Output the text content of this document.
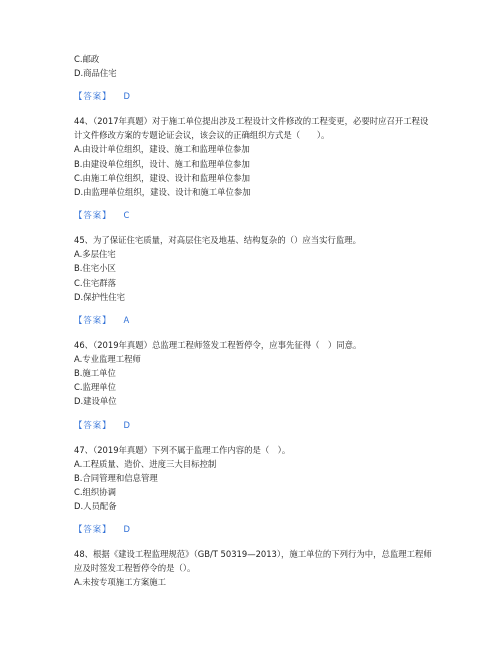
C.邮政

D.商品住宅

【答案】 D

44、（2017年真题）对于施工单位提出涉及工程设计文件修改的工程变更，必要时应召开工程设计文件修改方案的专题论证会议，该会议的正确组织方式是（　　）。

A.由设计单位组织，建设、施工和监理单位参加

B.由建设单位组织，设计、施工和监理单位参加

C.由施工单位组织，建设、设计和监理单位参加

D.由监理单位组织，建设、设计和施工单位参加

【答案】 C

45、为了保证住宅质量，对高层住宅及地基、结构复杂的（）应当实行监理。

A.多层住宅

B.住宅小区

C.住宅群落

D.保护性住宅

【答案】 A

46、（2019年真题）总监理工程师签发工程暂停令，应事先征得（　）同意。

A.专业监理工程师

B.施工单位

C.监理单位

D.建设单位

【答案】 D

47、（2019年真题）下列不属于监理工作内容的是（　）。

A.工程质量、造价、进度三大目标控制

B.合同管理和信息管理

C.组织协调

D.人员配备

【答案】 D

48、根据《建设工程监理规范》（GB/T 50319—2013），施工单位的下列行为中，总监理工程师应及时签发工程暂停令的是（）。

A.未按专项施工方案施工
